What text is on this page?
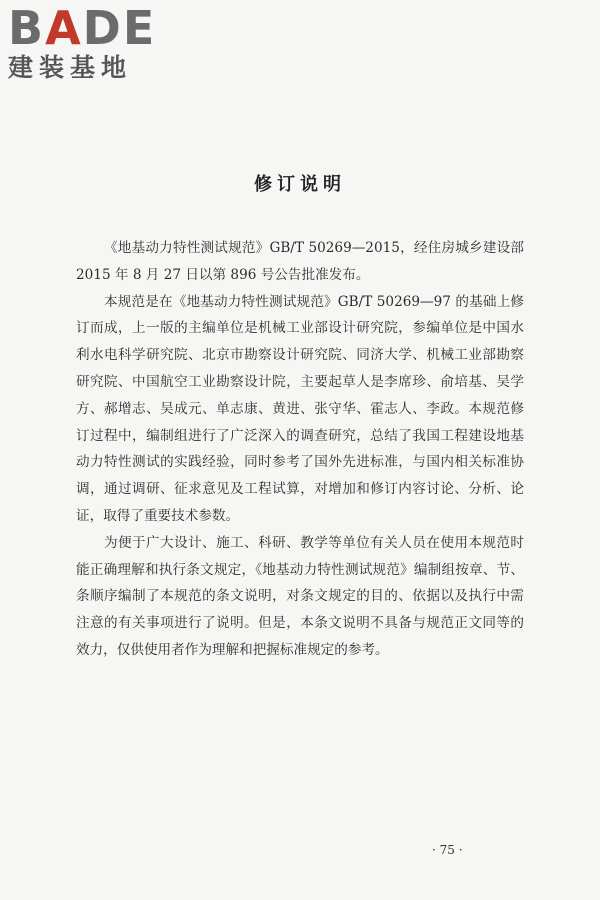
BADE
建装基地
修订说明

《地基动力特性测试规范》GB/T 50269—2015，经住房城乡建设部 2015 年 8 月 27 日以第 896 号公告批准发布。

本规范是在《地基动力特性测试规范》GB/T 50269—97 的基础上修订而成，上一版的主编单位是机械工业部设计研究院，参编单位是中国水利水电科学研究院、北京市勘察设计研究院、同济大学、机械工业部勘察研究院、中国航空工业勘察设计院，主要起草人是李席珍、俞培基、吴学方、郝增志、吴成元、单志康、黄进、张守华、霍志人、李政。本规范修订过程中，编制组进行了广泛深入的调查研究，总结了我国工程建设地基动力特性测试的实践经验，同时参考了国外先进标准，与国内相关标准协调，通过调研、征求意见及工程试算，对增加和修订内容讨论、分析、论证，取得了重要技术参数。

为便于广大设计、施工、科研、教学等单位有关人员在使用本规范时能正确理解和执行条文规定，《地基动力特性测试规范》编制组按章、节、条顺序编制了本规范的条文说明，对条文规定的目的、依据以及执行中需注意的有关事项进行了说明。但是，本条文说明不具备与规范正文同等的效力，仅供使用者作为理解和把握标准规定的参考。

· 75 ·
